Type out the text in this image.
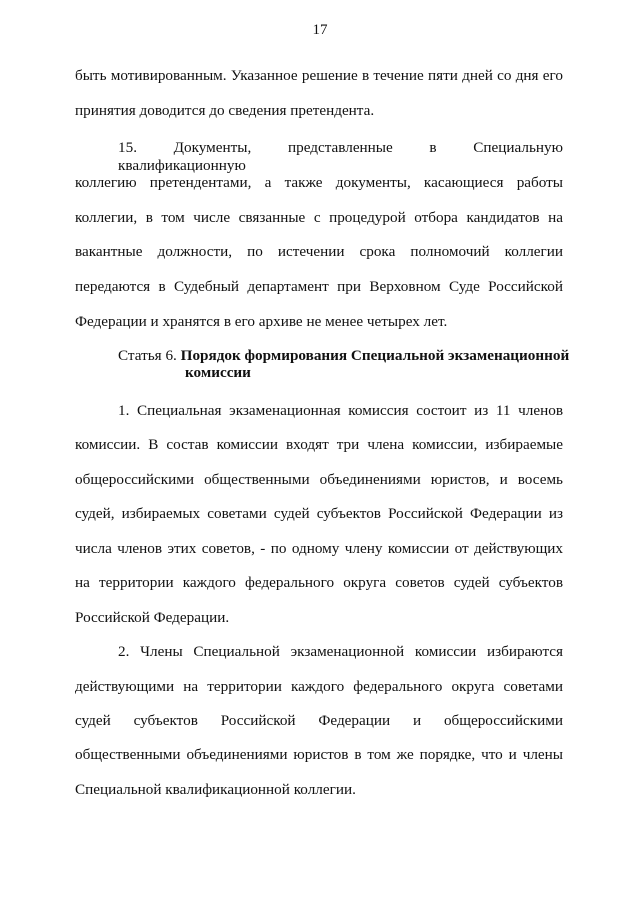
17
быть мотивированным. Указанное решение в течение пяти дней со дня его
принятия доводится до сведения претендента.
15. Документы, представленные в Специальную квалификационную
коллегию претендентами, а также документы, касающиеся работы
коллегии, в том числе связанные с процедурой отбора кандидатов на
вакантные должности, по истечении срока полномочий коллегии
передаются в Судебный департамент при Верховном Суде Российской
Федерации и хранятся в его архиве не менее четырех лет.
Статья 6. Порядок формирования Специальной экзаменационной
комиссии
1. Специальная экзаменационная комиссия состоит из 11 членов
комиссии. В состав комиссии входят три члена комиссии, избираемые
общероссийскими общественными объединениями юристов, и восемь
судей, избираемых советами судей субъектов Российской Федерации из
числа членов этих советов, - по одному члену комиссии от действующих
на территории каждого федерального округа советов судей субъектов
Российской Федерации.
2. Члены Специальной экзаменационной комиссии избираются
действующими на территории каждого федерального округа советами
судей субъектов Российской Федерации и общероссийскими
общественными объединениями юристов в том же порядке, что и члены
Специальной квалификационной коллегии.
